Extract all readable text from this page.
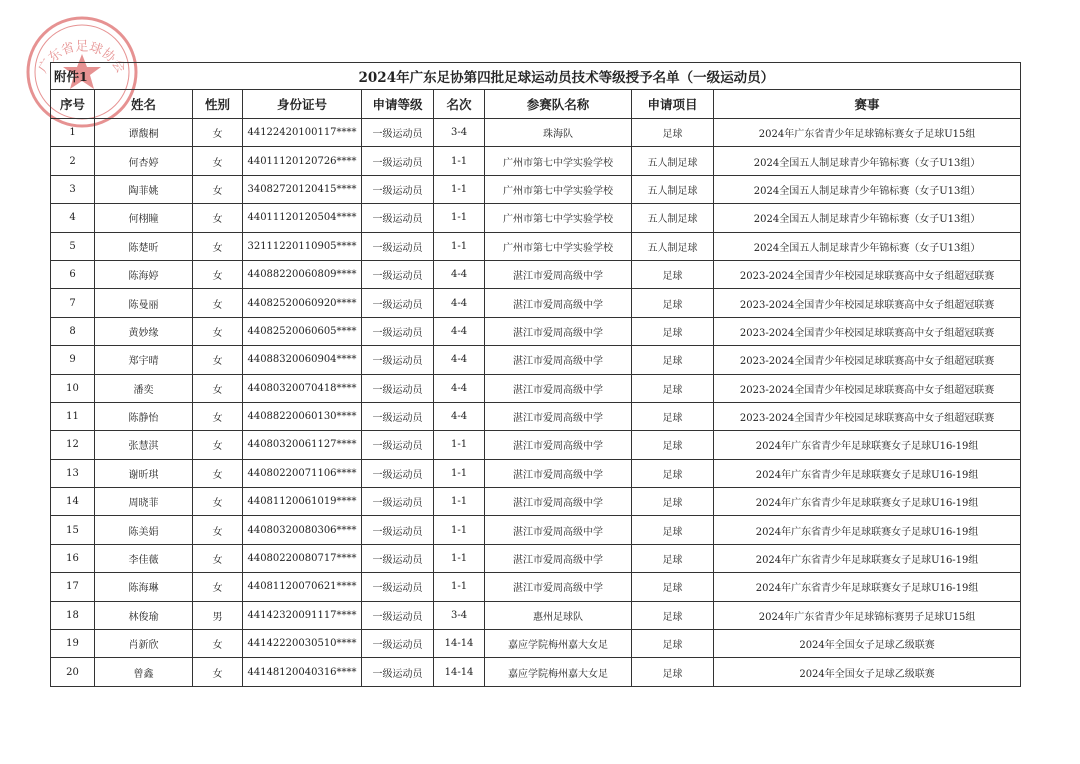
广东省足球协会
附件1		2024年广东足协第四批足球运动员技术等级授予名单（一级运动员）						
序号	姓名	性别	身份证号	申请等级	名次	参赛队名称	申请项目	赛事
1	谭馥桐	女	44122420100117****	一级运动员	3-4	珠海队	足球	2024年广东省青少年足球锦标赛女子足球U15组
2	何杏婷	女	44011120120726****	一级运动员	1-1	广州市第七中学实验学校	五人制足球	2024全国五人制足球青少年锦标赛（女子U13组）
3	陶菲姚	女	34082720120415****	一级运动员	1-1	广州市第七中学实验学校	五人制足球	2024全国五人制足球青少年锦标赛（女子U13组）
4	何栩瞳	女	44011120120504****	一级运动员	1-1	广州市第七中学实验学校	五人制足球	2024全国五人制足球青少年锦标赛（女子U13组）
5	陈楚昕	女	32111220110905****	一级运动员	1-1	广州市第七中学实验学校	五人制足球	2024全国五人制足球青少年锦标赛（女子U13组）
6	陈海婷	女	44088220060809****	一级运动员	4-4	湛江市爱周高级中学	足球	2023-2024全国青少年校园足球联赛高中女子组超冠联赛
7	陈曼丽	女	44082520060920****	一级运动员	4-4	湛江市爱周高级中学	足球	2023-2024全国青少年校园足球联赛高中女子组超冠联赛
8	黄妙缘	女	44082520060605****	一级运动员	4-4	湛江市爱周高级中学	足球	2023-2024全国青少年校园足球联赛高中女子组超冠联赛
9	郑宇晴	女	44088320060904****	一级运动员	4-4	湛江市爱周高级中学	足球	2023-2024全国青少年校园足球联赛高中女子组超冠联赛
10	潘奕	女	44080320070418****	一级运动员	4-4	湛江市爱周高级中学	足球	2023-2024全国青少年校园足球联赛高中女子组超冠联赛
11	陈静怡	女	44088220060130****	一级运动员	4-4	湛江市爱周高级中学	足球	2023-2024全国青少年校园足球联赛高中女子组超冠联赛
12	张慧淇	女	44080320061127****	一级运动员	1-1	湛江市爱周高级中学	足球	2024年广东省青少年足球联赛女子足球U16-19组
13	谢昕琪	女	44080220071106****	一级运动员	1-1	湛江市爱周高级中学	足球	2024年广东省青少年足球联赛女子足球U16-19组
14	周晓菲	女	44081120061019****	一级运动员	1-1	湛江市爱周高级中学	足球	2024年广东省青少年足球联赛女子足球U16-19组
15	陈美娟	女	44080320080306****	一级运动员	1-1	湛江市爱周高级中学	足球	2024年广东省青少年足球联赛女子足球U16-19组
16	李佳薇	女	44080220080717****	一级运动员	1-1	湛江市爱周高级中学	足球	2024年广东省青少年足球联赛女子足球U16-19组
17	陈海琳	女	44081120070621****	一级运动员	1-1	湛江市爱周高级中学	足球	2024年广东省青少年足球联赛女子足球U16-19组
18	林俊瑜	男	44142320091117****	一级运动员	3-4	惠州足球队	足球	2024年广东省青少年足球锦标赛男子足球U15组
19	肖新欣	女	44142220030510****	一级运动员	14-14	嘉应学院梅州嘉大女足	足球	2024年全国女子足球乙级联赛
20	曾鑫	女	44148120040316****	一级运动员	14-14	嘉应学院梅州嘉大女足	足球	2024年全国女子足球乙级联赛
